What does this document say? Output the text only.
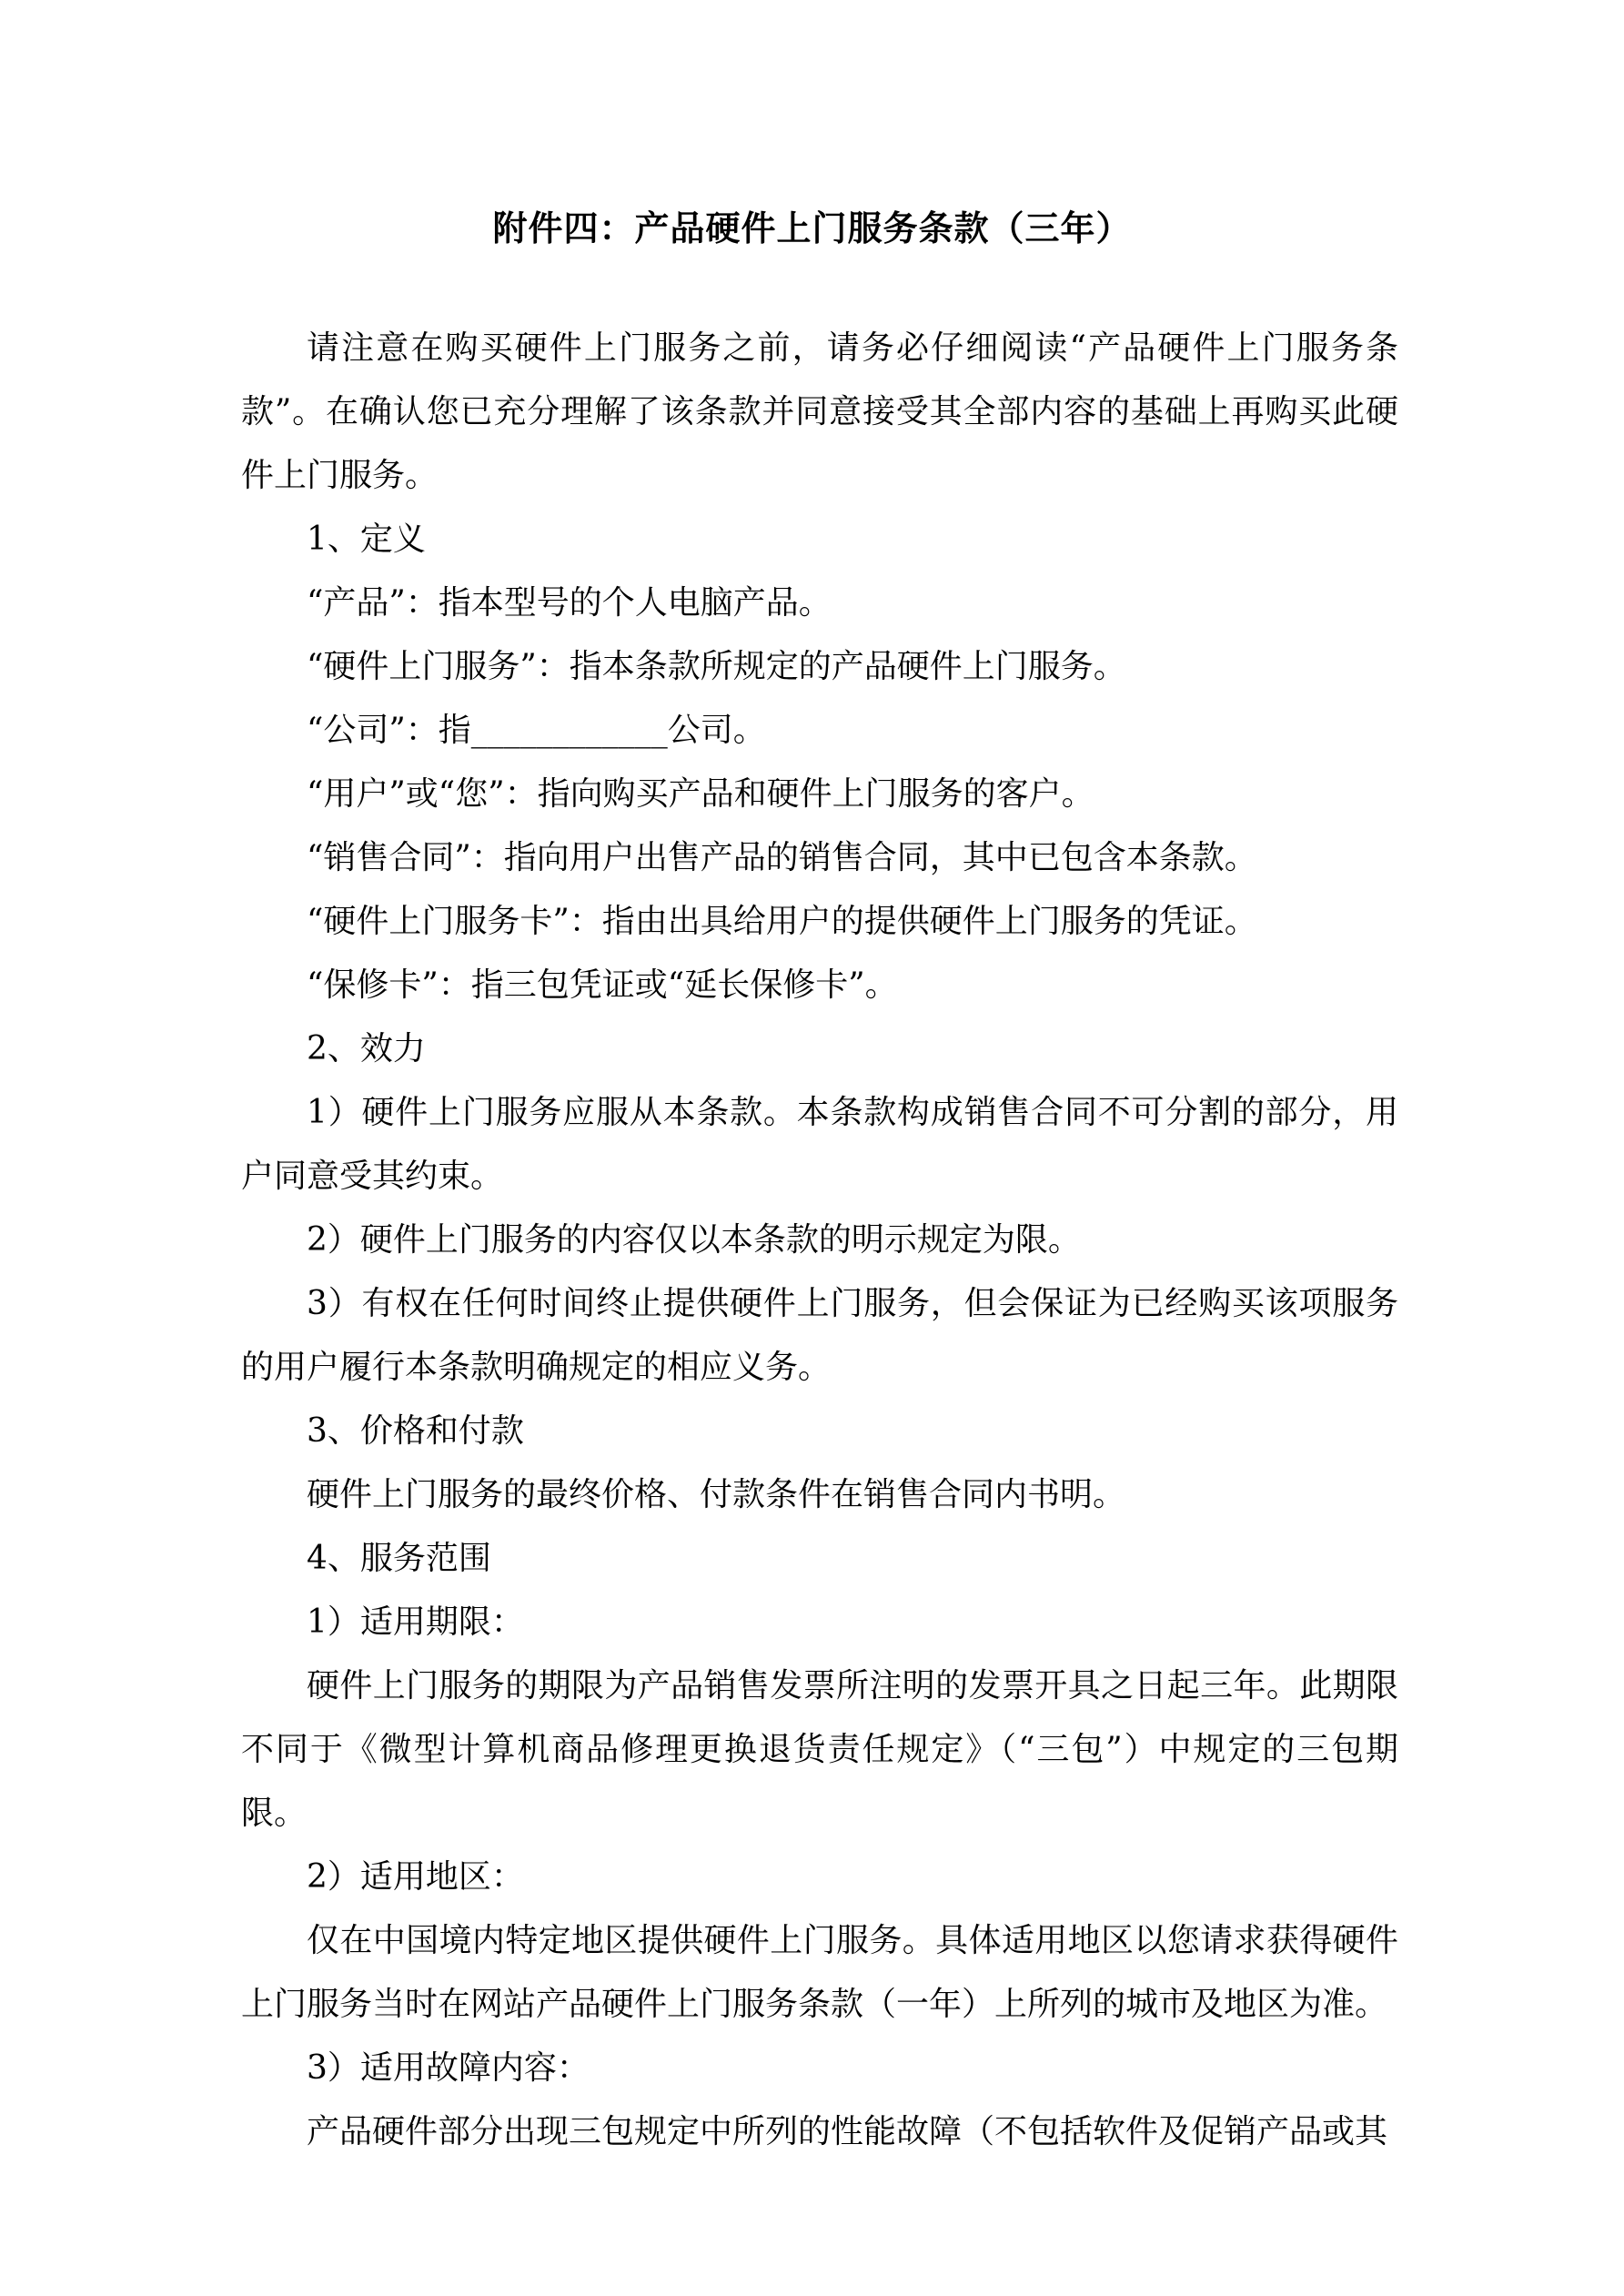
附件四：产品硬件上门服务条款（三年）

请注意在购买硬件上门服务之前，请务必仔细阅读“产品硬件上门服务条款”。在确认您已充分理解了该条款并同意接受其全部内容的基础上再购买此硬件上门服务。

1、定义

“产品”：指本型号的个人电脑产品。

“硬件上门服务”：指本条款所规定的产品硬件上门服务。

“公司”：指____________公司。

“用户”或“您”：指向购买产品和硬件上门服务的客户。

“销售合同”：指向用户出售产品的销售合同，其中已包含本条款。

“硬件上门服务卡”：指由出具给用户的提供硬件上门服务的凭证。

“保修卡”：指三包凭证或“延长保修卡”。

2、效力

1）硬件上门服务应服从本条款。本条款构成销售合同不可分割的部分，用户同意受其约束。

2）硬件上门服务的内容仅以本条款的明示规定为限。

3）有权在任何时间终止提供硬件上门服务，但会保证为已经购买该项服务的用户履行本条款明确规定的相应义务。

3、价格和付款

硬件上门服务的最终价格、付款条件在销售合同内书明。

4、服务范围

1）适用期限：

硬件上门服务的期限为产品销售发票所注明的发票开具之日起三年。此期限不同于《微型计算机商品修理更换退货责任规定》（“三包”）中规定的三包期限。

2）适用地区：

仅在中国境内特定地区提供硬件上门服务。具体适用地区以您请求获得硬件上门服务当时在网站产品硬件上门服务条款（一年）上所列的城市及地区为准。

3）适用故障内容：

产品硬件部分出现三包规定中所列的性能故障（不包括软件及促销产品或其
